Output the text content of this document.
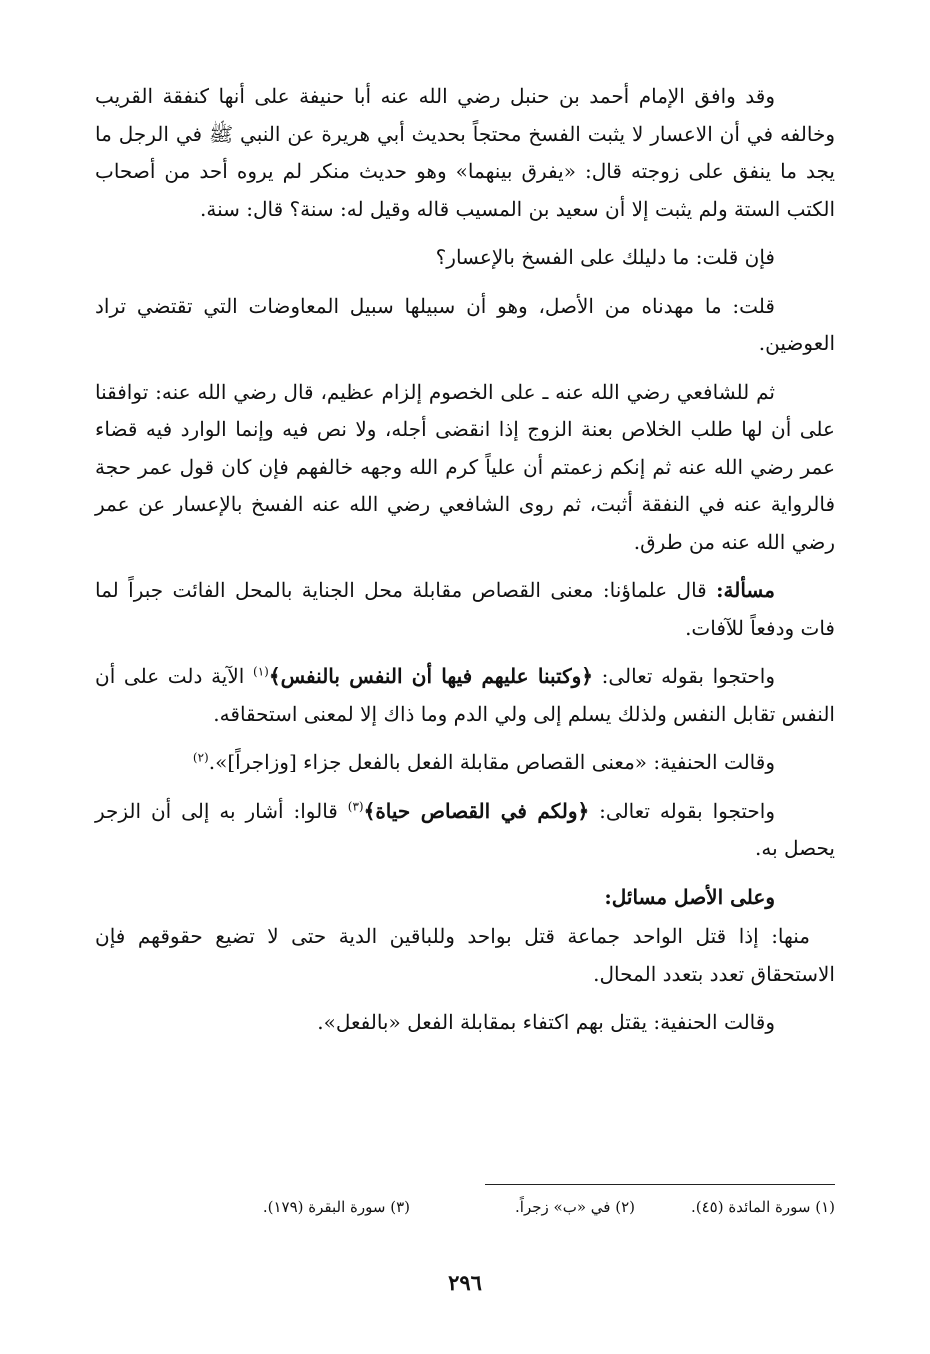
وقد وافق الإمام أحمد بن حنبل رضي الله عنه أبا حنيفة على أنها كنفقة القريب وخالفه في أن الاعسار لا يثبت الفسخ محتجاً بحديث أبي هريرة عن النبي ﷺ في الرجل ما يجد ما ينفق على زوجته قال: «يفرق بينهما» وهو حديث منكر لم يروه أحد من أصحاب الكتب الستة ولم يثبت إلا أن سعيد بن المسيب قاله وقيل له: سنة؟ قال: سنة.

فإن قلت: ما دليلك على الفسخ بالإعسار؟

قلت: ما مهدناه من الأصل، وهو أن سبيلها سبيل المعاوضات التي تقتضي تراد العوضين.

ثم للشافعي رضي الله عنه ـ على الخصوم إلزام عظيم، قال رضي الله عنه: توافقنا على أن لها طلب الخلاص بعنة الزوج إذا انقضى أجله، ولا نص فيه وإنما الوارد فيه قضاء عمر رضي الله عنه ثم إنكم زعمتم أن علياً كرم الله وجهه خالفهم فإن كان قول عمر حجة فالرواية عنه في النفقة أثبت، ثم روى الشافعي رضي الله عنه الفسخ بالإعسار عن عمر رضي الله عنه من طرق.

مسألة: قال علماؤنا: معنى القصاص مقابلة محل الجناية بالمحل الفائت جبراً لما فات ودفعاً للآفات.

واحتجوا بقوله تعالى: ﴿وكتبنا عليهم فيها أن النفس بالنفس﴾$^{(١)}$ الآية دلت على أن النفس تقابل النفس ولذلك يسلم إلى ولي الدم وما ذاك إلا لمعنى استحقاقه.

وقالت الحنفية: «معنى القصاص مقابلة الفعل بالفعل جزاء [وزاجراً]».$^{(٢)}$

واحتجوا بقوله تعالى: ﴿ولكم في القصاص حياة﴾$^{(٣)}$ قالوا: أشار به إلى أن الزجر يحصل به.

وعلى الأصل مسائل:

منها: إذا قتل الواحد جماعة قتل بواحد وللباقين الدية حتى لا تضيع حقوقهم فإن الاستحقاق تعدد بتعدد المحال.

وقالت الحنفية: يقتل بهم اكتفاء بمقابلة الفعل «بالفعل».

(١) سورة المائدة (٤٥).
(٢) في «ب» زجراً.
(٣) سورة البقرة (١٧٩).
٢٩٦
